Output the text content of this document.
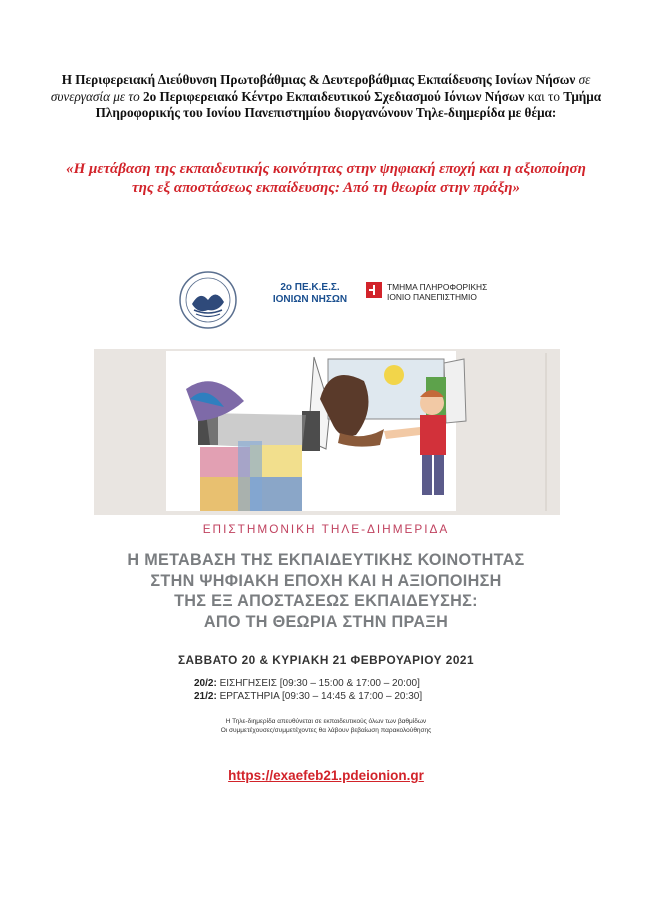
Η Περιφερειακή Διεύθυνση Πρωτοβάθμιας & Δευτεροβάθμιας Εκπαίδευσης Ιονίων Νήσων σε συνεργασία με το 2ο Περιφερειακό Κέντρο Εκπαιδευτικού Σχεδιασμού Ιόνιων Νήσων και το Τμήμα Πληροφορικής του Ιονίου Πανεπιστημίου διοργανώνουν Τηλε-διημερίδα με θέμα:
«Η μετάβαση της εκπαιδευτικής κοινότητας στην ψηφιακή εποχή και η αξιοποίηση της εξ αποστάσεως εκπαίδευσης: Από τη θεωρία στην πράξη»
2ο ΠΕ.Κ.Ε.Σ.
ΙΟΝΙΩΝ ΝΗΣΩΝ
ΤΜΗΜΑ ΠΛΗΡΟΦΟΡΙΚΗΣ
ΙΟΝΙΟ ΠΑΝΕΠΙΣΤΗΜΙΟ
ΕΠΙΣΤΗΜΟΝΙΚΗ ΤΗΛΕ-ΔΙΗΜΕΡΙΔΑ
Η ΜΕΤΑΒΑΣΗ ΤΗΣ ΕΚΠΑΙΔΕΥΤΙΚΗΣ ΚΟΙΝΟΤΗΤΑΣ
ΣΤΗΝ ΨΗΦΙΑΚΗ ΕΠΟΧΗ ΚΑΙ Η ΑΞΙΟΠΟΙΗΣΗ
ΤΗΣ ΕΞ ΑΠΟΣΤΑΣΕΩΣ ΕΚΠΑΙΔΕΥΣΗΣ:
ΑΠΟ ΤΗ ΘΕΩΡΙΑ ΣΤΗΝ ΠΡΑΞΗ
ΣΑΒΒΑΤΟ 20 & ΚΥΡΙΑΚΗ 21 ΦΕΒΡΟΥΑΡΙΟΥ 2021
20/2: ΕΙΣΗΓΗΣΕΙΣ [09:30 – 15:00 & 17:00 – 20:00]
21/2: ΕΡΓΑΣΤΗΡΙΑ [09:30 – 14:45 & 17:00 – 20:30]
Η Τηλε-διημερίδα απευθύνεται σε εκπαιδευτικούς όλων των βαθμίδων
Οι συμμετέχουσες/συμμετέχοντες θα λάβουν βεβαίωση παρακολούθησης
https://exaefeb21.pdeionion.gr
